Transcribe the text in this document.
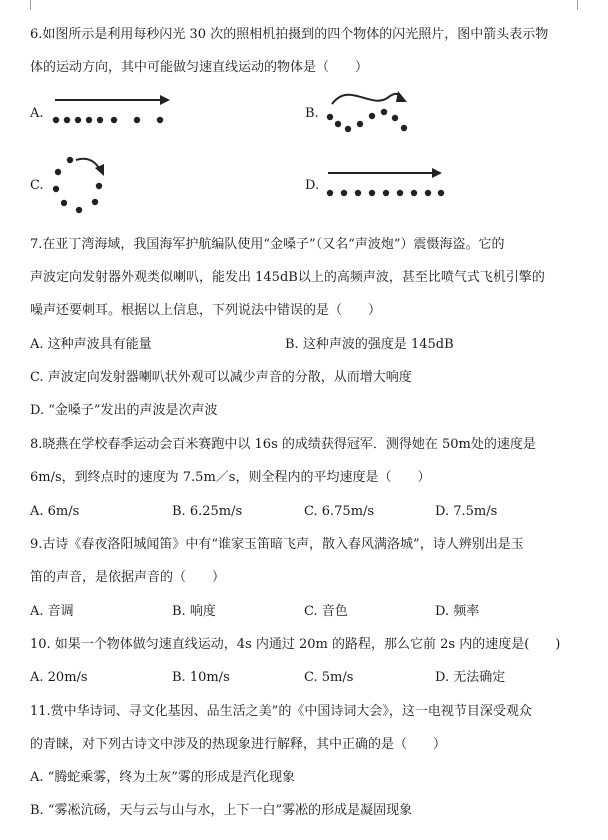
6.如图所示是利用每秒闪光 30 次的照相机拍摄到的四个物体的闪光照片，图中箭头表示物
体的运动方向，其中可能做匀速直线运动的物体是（　　）
A.	B.
C.	D.
7.在亚丁湾海域，我国海军护航编队使用“金嗓子”（又名“声波炮”）震慑海盗。它的
声波定向发射器外观类似喇叭，能发出 145dB以上的高频声波，甚至比喷气式飞机引擎的
噪声还要刺耳。根据以上信息，下列说法中错误的是（　　）
A. 这种声波具有能量	B. 这种声波的强度是 145dB
C. 声波定向发射器喇叭状外观可以减少声音的分散，从而增大响度
D. “金嗓子”发出的声波是次声波
8.晓燕在学校春季运动会百米赛跑中以 16s 的成绩获得冠军．测得她在 50m处的速度是
6m/s，到终点时的速度为 7.5m／s，则全程内的平均速度是（　　）
A. 6m/s	B. 6.25m/s	C. 6.75m/s	D. 7.5m/s
9.古诗《春夜洛阳城闻笛》中有“谁家玉笛暗飞声，散入春风满洛城”，诗人辨别出是玉
笛的声音，是依据声音的（　　）
A. 音调	B. 响度	C. 音色	D. 频率
10. 如果一个物体做匀速直线运动，4s 内通过 20m 的路程，那么它前 2s 内的速度是(　　)
A. 20m/s	B. 10m/s	C. 5m/s	D. 无法确定
11.赏中华诗词、寻文化基因、品生活之美”的《中国诗词大会》，这一电视节目深受观众
的青睐，对下列古诗文中涉及的热现象进行解释，其中正确的是（　　）
A. “腾蛇乘雾，终为土灰”雾的形成是汽化现象
B. “雾凇沆砀，天与云与山与水，上下一白”雾凇的形成是凝固现象
